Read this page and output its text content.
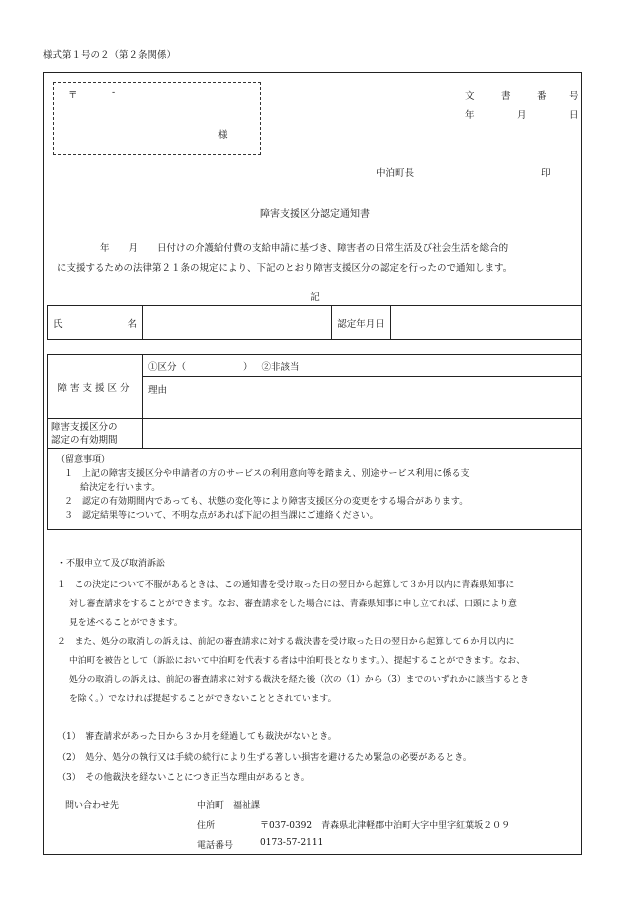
様式第１号の２（第２条関係）
〒	-
様
文	書	番 号
年	月	日
中泊町長	印
障害支援区分認定通知書
年　　月　　日付けの介護給付費の支給申請に基づき、障害者の日常生活及び社会生活を総合的
に支援するための法律第２１条の規定により、下記のとおり障害支援区分の認定を行ったので通知します。
記
氏	名		認定年月日	
障害支援区分	①区分（　　　　　　） ②非該当
	理由

障害支援区分の
認定の有効期間	

（留意事項）
１　上記の障害支援区分や申請者の方のサービスの利用意向等を踏まえ、別途サービス利用に係る支
給決定を行います。
２　認定の有効期間内であっても、状態の変化等により障害支援区分の変更をする場合があります。
３　認定結果等について、不明な点があれば下記の担当課にご連絡ください。	
・不服申立て及び取消訴訟
１　この決定について不服があるときは、この通知書を受け取った日の翌日から起算して３か月以内に青森県知事に
対し審査請求をすることができます。なお、審査請求をした場合には、青森県知事に申し立てれば、口頭により意
見を述べることができます。
２　また、処分の取消しの訴えは、前記の審査請求に対する裁決書を受け取った日の翌日から起算して６か月以内に
中泊町を被告として（訴訟において中泊町を代表する者は中泊町長となります。）、提起することができます。なお、
処分の取消しの訴えは、前記の審査請求に対する裁決を経た後（次の（1）から（3）までのいずれかに該当するとき
を除く。）でなければ提起することができないこととされています。
（1）　審査請求があった日から３か月を経過しても裁決がないとき。
（2）　処分、処分の執行又は手続の続行により生ずる著しい損害を避けるため緊急の必要があるとき。
（3）　その他裁決を経ないことにつき正当な理由があるとき。
問い合わせ先	中泊町　福祉課
住所	〒037-0392　青森県北津軽郡中泊町大字中里字紅葉坂２０９
電話番号	0173-57-2111
